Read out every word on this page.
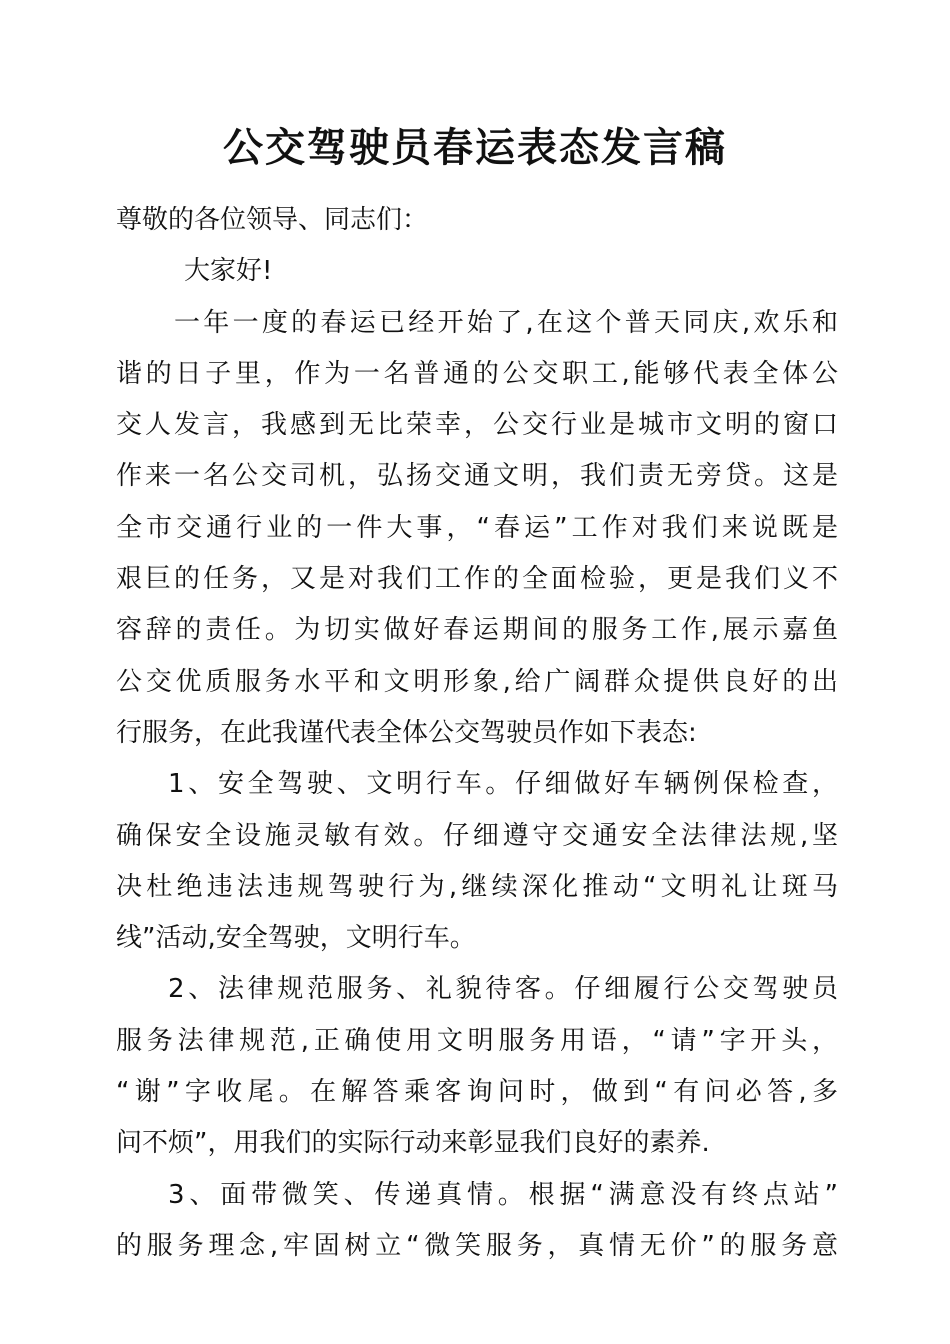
公交驾驶员春运表态发言稿
尊敬的各位领导、同志们：
大家好!
一年一度的春运已经开始了,在这个普天同庆,欢乐和
谐的日子里，作为一名普通的公交职工,能够代表全体公
交人发言，我感到无比荣幸，公交行业是城市文明的窗口
作来一名公交司机，弘扬交通文明，我们责无旁贷。这是
全市交通行业的一件大事，“春运”工作对我们来说既是
艰巨的任务，又是对我们工作的全面检验，更是我们义不
容辞的责任。为切实做好春运期间的服务工作,展示嘉鱼
公交优质服务水平和文明形象,给广阔群众提供良好的出
行服务，在此我谨代表全体公交驾驶员作如下表态:
1、安全驾驶、文明行车。仔细做好车辆例保检查，
确保安全设施灵敏有效。仔细遵守交通安全法律法规,坚
决杜绝违法违规驾驶行为,继续深化推动“文明礼让斑马
线”活动,安全驾驶，文明行车。
2、法律规范服务、礼貌待客。仔细履行公交驾驶员
服务法律规范,正确使用文明服务用语，“请”字开头，
“谢”字收尾。在解答乘客询问时，做到“有问必答,多
问不烦”，用我们的实际行动来彰显我们良好的素养.
3、面带微笑、传递真情。根据“满意没有终点站”
的服务理念,牢固树立“微笑服务，真情无价”的服务意
